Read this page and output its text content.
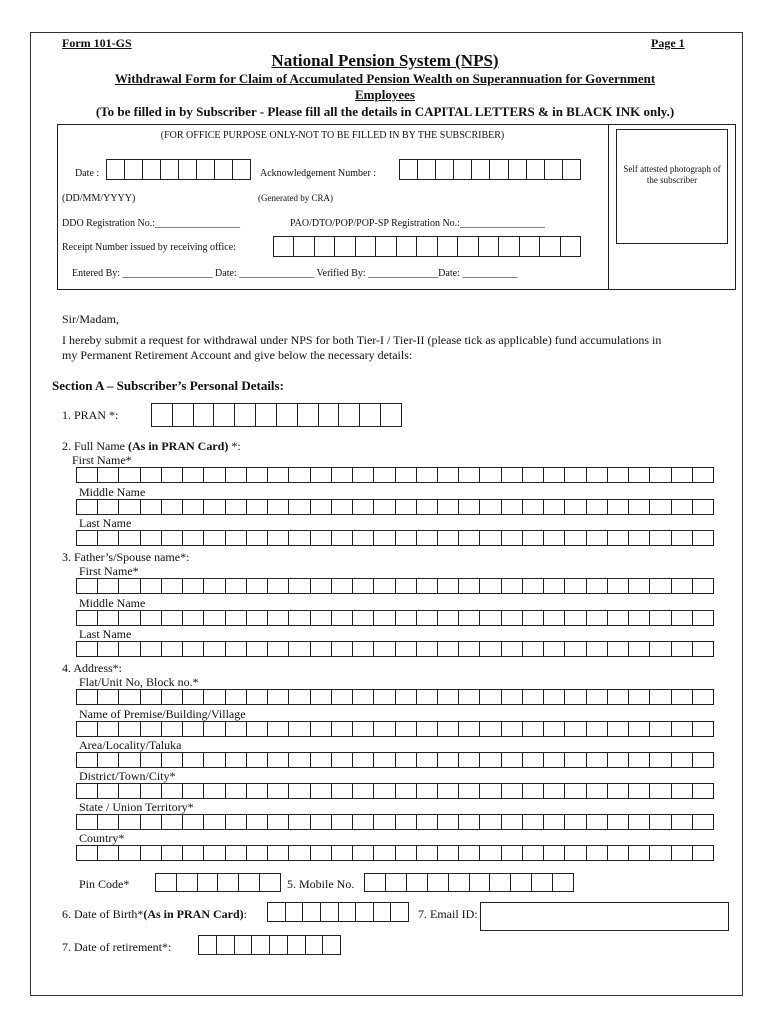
Form 101-GS	Page 1
National Pension System (NPS)
Withdrawal Form for Claim of Accumulated Pension Wealth on Superannuation for Government
Employees
(To be filled in by Subscriber - Please fill all the details in CAPITAL LETTERS & in BLACK INK only.)
(FOR OFFICE PURPOSE ONLY-NOT TO BE FILLED IN BY THE SUBSCRIBER)
Date :	Acknowledgement Number :
(DD/MM/YYYY)	(Generated by CRA)
Self attested photograph of the subscriber
DDO Registration No.:_________________	PAO/DTO/POP/POP-SP Registration No.:_________________
Receipt Number issued by receiving office:
Entered By: __________________ Date: _______________ Verified By: ______________Date: ___________
Sir/Madam,
I hereby submit a request for withdrawal under NPS for both Tier-I / Tier-II (please tick as applicable) fund accumulations in
my Permanent Retirement Account and give below the necessary details:
Section A – Subscriber’s Personal Details:
1. PRAN *:
2. Full Name (As in PRAN Card) *:
First Name*
Middle Name
Last Name
3. Father’s/Spouse name*:
First Name*
Middle Name
Last Name
4. Address*:
Flat/Unit No, Block no.*
Name of Premise/Building/Village
Area/Locality/Taluka
District/Town/City*
State / Union Territory*
Country*
Pin Code*	5. Mobile No.
6. Date of Birth*(As in PRAN Card):	7. Email ID:
7. Date of retirement*:
